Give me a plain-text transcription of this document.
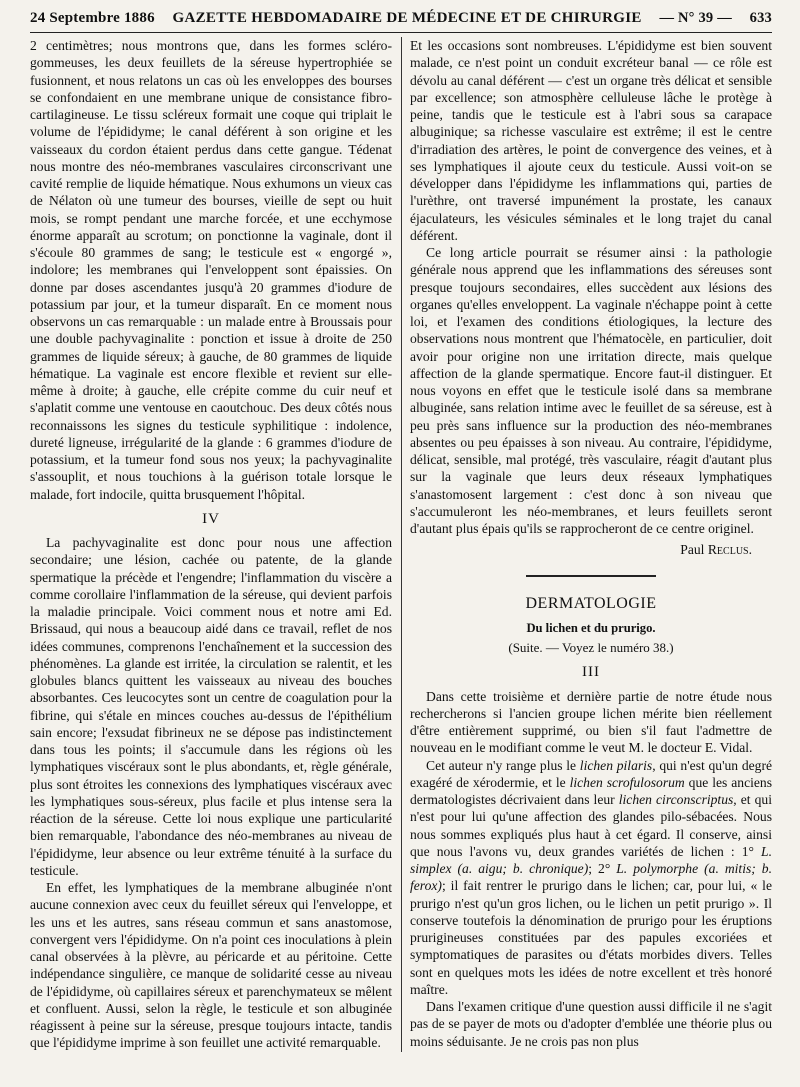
24 Septembre 1886 GAZETTE HEBDOMADAIRE DE MÉDECINE ET DE CHIRURGIE — N° 39 — 633

2 centimètres; nous montrons que, dans les formes scléro-gommeuses, les deux feuillets de la séreuse hypertrophiée se fusionnent, et nous relatons un cas où les enveloppes des bourses se confondaient en une membrane unique de consistance fibro-cartilagineuse. Le tissu scléreux formait une coque qui triplait le volume de l'épididyme; le canal déférent à son origine et les vaisseaux du cordon étaient perdus dans cette gangue. Tédenat nous montre des néo-membranes vasculaires circonscrivant une cavité remplie de liquide hématique. Nous exhumons un vieux cas de Nélaton où une tumeur des bourses, vieille de sept ou huit mois, se rompt pendant une marche forcée, et une ecchymose énorme apparaît au scrotum; on ponctionne la vaginale, dont il s'écoule 80 grammes de sang; le testicule est « engorgé », indolore; les membranes qui l'enveloppent sont épaissies. On donne par doses ascendantes jusqu'à 20 grammes d'iodure de potassium par jour, et la tumeur disparaît. En ce moment nous observons un cas remarquable : un malade entre à Broussais pour une double pachyvaginalite : ponction et issue à droite de 250 grammes de liquide séreux; à gauche, de 80 grammes de liquide hématique. La vaginale est encore flexible et revient sur elle-même à droite; à gauche, elle crépite comme du cuir neuf et s'aplatit comme une ventouse en caoutchouc. Des deux côtés nous reconnaissons les signes du testicule syphilitique : indolence, dureté ligneuse, irrégularité de la glande : 6 grammes d'iodure de potassium, et la tumeur fond sous nos yeux; la pachyvaginalite s'assouplit, et nous touchions à la guérison totale lorsque le malade, fort indocile, quitta brusquement l'hôpital.

IV

La pachyvaginalite est donc pour nous une affection secondaire; une lésion, cachée ou patente, de la glande spermatique la précède et l'engendre; l'inflammation du viscère a comme corollaire l'inflammation de la séreuse, qui devient parfois la maladie principale. Voici comment nous et notre ami Ed. Brissaud, qui nous a beaucoup aidé dans ce travail, reflet de nos idées communes, comprenons l'enchaînement et la succession des phénomènes. La glande est irritée, la circulation se ralentit, et les globules blancs quittent les vaisseaux au niveau des bouches absorbantes. Ces leucocytes sont un centre de coagulation pour la fibrine, qui s'étale en minces couches au-dessus de l'épithélium sain encore; l'exsudat fibrineux ne se dépose pas indistinctement dans tous les points; il s'accumule dans les régions où les lymphatiques viscéraux sont le plus abondants, et, règle générale, plus sont étroites les connexions des lymphatiques viscéraux avec les lymphatiques sous-séreux, plus facile et plus intense sera la réaction de la séreuse. Cette loi nous explique une particularité bien remarquable, l'abondance des néo-membranes au niveau de l'épididyme, leur absence ou leur extrême ténuité à la surface du testicule.

En effet, les lymphatiques de la membrane albuginée n'ont aucune connexion avec ceux du feuillet séreux qui l'enveloppe, et les uns et les autres, sans réseau commun et sans anastomose, convergent vers l'épididyme. On n'a point ces inoculations à plein canal observées à la plèvre, au péricarde et au péritoine. Cette indépendance singulière, ce manque de solidarité cesse au niveau de l'épididyme, où capillaires séreux et parenchymateux se mêlent et confluent. Aussi, selon la règle, le testicule et son albuginée réagissent à peine sur la séreuse, presque toujours intacte, tandis que l'épididyme imprime à son feuillet une activité remarquable.

Et les occasions sont nombreuses. L'épididyme est bien souvent malade, ce n'est point un conduit excréteur banal — ce rôle est dévolu au canal déférent — c'est un organe très délicat et sensible par excellence; son atmosphère celluleuse lâche le protège à peine, tandis que le testicule est à l'abri sous sa carapace albuginique; sa richesse vasculaire est extrême; il est le centre d'irradiation des artères, le point de convergence des veines, et à ses lymphatiques il ajoute ceux du testicule. Aussi voit-on se développer dans l'épididyme les inflammations qui, parties de l'urèthre, ont traversé impunément la prostate, les canaux éjaculateurs, les vésicules séminales et le long trajet du canal déférent.

Ce long article pourrait se résumer ainsi : la pathologie générale nous apprend que les inflammations des séreuses sont presque toujours secondaires, elles succèdent aux lésions des organes qu'elles enveloppent. La vaginale n'échappe point à cette loi, et l'examen des conditions étiologiques, la lecture des observations nous montrent que l'hématocèle, en particulier, doit avoir pour origine non une irritation directe, mais quelque affection de la glande spermatique. Encore faut-il distinguer. Et nous voyons en effet que le testicule isolé dans sa membrane albuginée, sans relation intime avec le feuillet de sa séreuse, est à peu près sans influence sur la production des néo-membranes absentes ou peu épaisses à son niveau. Au contraire, l'épididyme, délicat, sensible, mal protégé, très vasculaire, réagit d'autant plus sur la vaginale que leurs deux réseaux lymphatiques s'anastomosent largement : c'est donc à son niveau que s'accumuleront les néo-membranes, et leurs feuillets seront d'autant plus épais qu'ils se rapprocheront de ce centre originel.

Paul Reclus.
DERMATOLOGIE
Du lichen et du prurigo.
(Suite. — Voyez le numéro 38.)
III

Dans cette troisième et dernière partie de notre étude nous rechercherons si l'ancien groupe lichen mérite bien réellement d'être entièrement supprimé, ou bien s'il faut l'admettre de nouveau en le modifiant comme le veut M. le docteur E. Vidal.

Cet auteur n'y range plus le lichen pilaris, qui n'est qu'un degré exagéré de xérodermie, et le lichen scrofulosorum que les anciens dermatologistes décrivaient dans leur lichen circonscriptus, et qui n'est pour lui qu'une affection des glandes pilo-sébacées. Nous nous sommes expliqués plus haut à cet égard. Il conserve, ainsi que nous l'avons vu, deux grandes variétés de lichen : 1° L. simplex (a. aigu; b. chronique); 2° L. polymorphe (a. mitis; b. ferox); il fait rentrer le prurigo dans le lichen; car, pour lui, « le prurigo n'est qu'un gros lichen, ou le lichen un petit prurigo ». Il conserve toutefois la dénomination de prurigo pour les éruptions prurigineuses constituées par des papules excoriées et symptomatiques de parasites ou d'états morbides divers. Telles sont en quelques mots les idées de notre excellent et très honoré maître.

Dans l'examen critique d'une question aussi difficile il ne s'agit pas de se payer de mots ou d'adopter d'emblée une théorie plus ou moins séduisante. Je ne crois pas non plus
